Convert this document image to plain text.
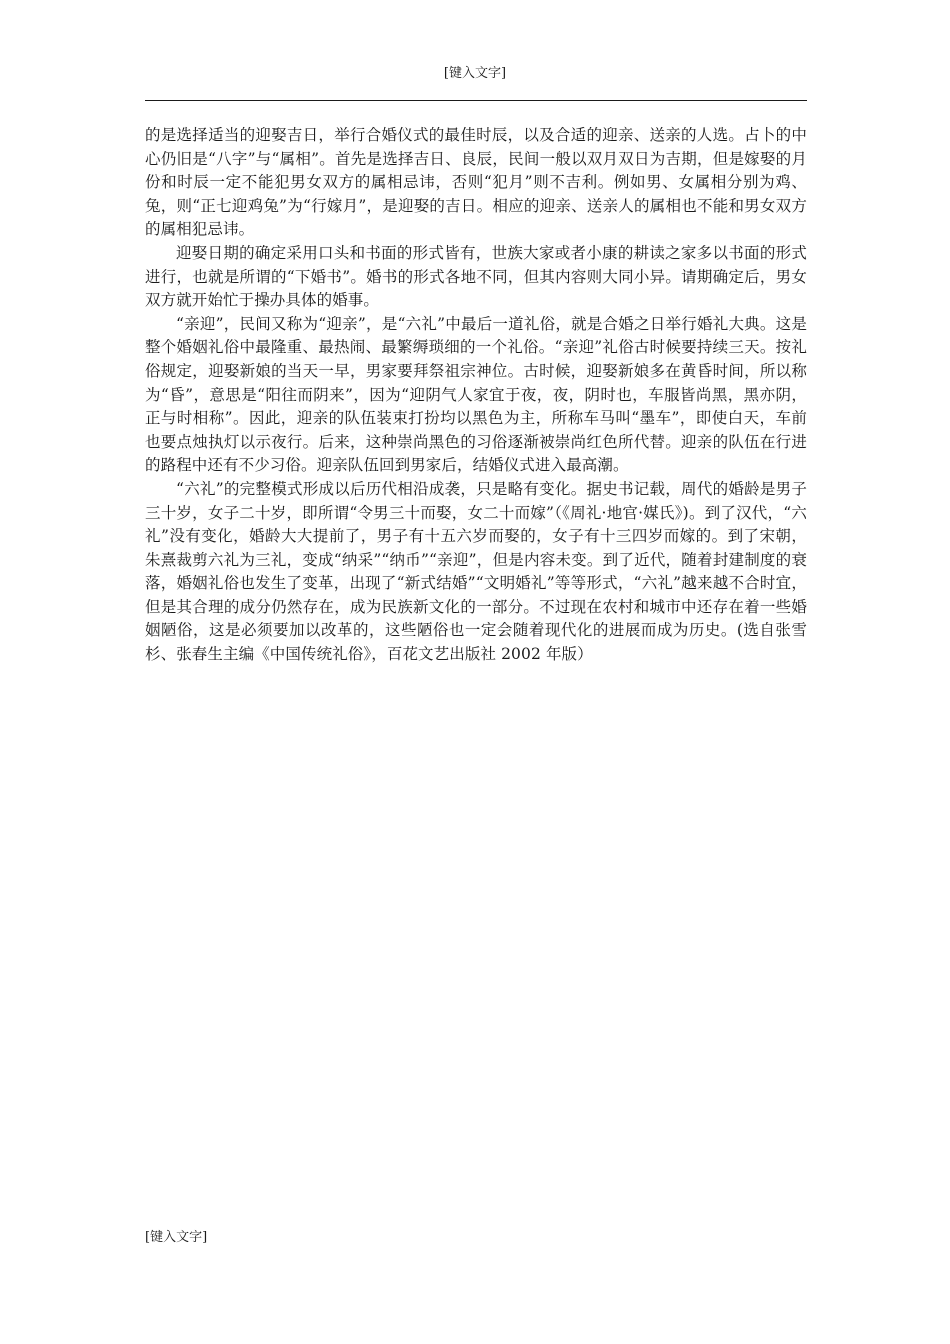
[键入文字]

的是选择适当的迎娶吉日，举行合婚仪式的最佳时辰，以及合适的迎亲、送亲的人选。占卜的中心仍旧是“八字”与“属相”。首先是选择吉日、良辰，民间一般以双月双日为吉期，但是嫁娶的月份和时辰一定不能犯男女双方的属相忌讳，否则“犯月”则不吉利。例如男、女属相分别为鸡、兔，则“正七迎鸡兔”为“行嫁月”，是迎娶的吉日。相应的迎亲、送亲人的属相也不能和男女双方的属相犯忌讳。

迎娶日期的确定采用口头和书面的形式皆有，世族大家或者小康的耕读之家多以书面的形式进行，也就是所谓的“下婚书”。婚书的形式各地不同，但其内容则大同小异。请期确定后，男女双方就开始忙于操办具体的婚事。

“亲迎”，民间又称为“迎亲”，是“六礼”中最后一道礼俗，就是合婚之日举行婚礼大典。这是整个婚姻礼俗中最隆重、最热闹、最繁缛琐细的一个礼俗。“亲迎”礼俗古时候要持续三天。按礼俗规定，迎娶新娘的当天一早，男家要拜祭祖宗神位。古时候，迎娶新娘多在黄昏时间，所以称为“昏”，意思是“阳往而阴来”，因为“迎阴气人家宜于夜，夜，阴时也，车服皆尚黑，黑亦阴，正与时相称”。因此，迎亲的队伍装束打扮均以黑色为主，所称车马叫“墨车”，即使白天，车前也要点烛执灯以示夜行。后来，这种崇尚黑色的习俗逐渐被崇尚红色所代替。迎亲的队伍在行进的路程中还有不少习俗。迎亲队伍回到男家后，结婚仪式进入最高潮。

“六礼”的完整模式形成以后历代相沿成袭，只是略有变化。据史书记载，周代的婚龄是男子三十岁，女子二十岁，即所谓“令男三十而娶，女二十而嫁”（《周礼·地官·媒氏》)。到了汉代，“六礼”没有变化，婚龄大大提前了，男子有十五六岁而娶的，女子有十三四岁而嫁的。到了宋朝，朱熹裁剪六礼为三礼，变成“纳采”“纳币”“亲迎”，但是内容未变。到了近代，随着封建制度的衰落，婚姻礼俗也发生了变革，出现了“新式结婚”“文明婚礼”等等形式，“六礼”越来越不合时宜，但是其合理的成分仍然存在，成为民族新文化的一部分。不过现在农村和城市中还存在着一些婚姻陋俗，这是必须要加以改革的，这些陋俗也一定会随着现代化的进展而成为历史。(选自张雪杉、张春生主编《中国传统礼俗》，百花文艺出版社 2002 年版）

[键入文字]
